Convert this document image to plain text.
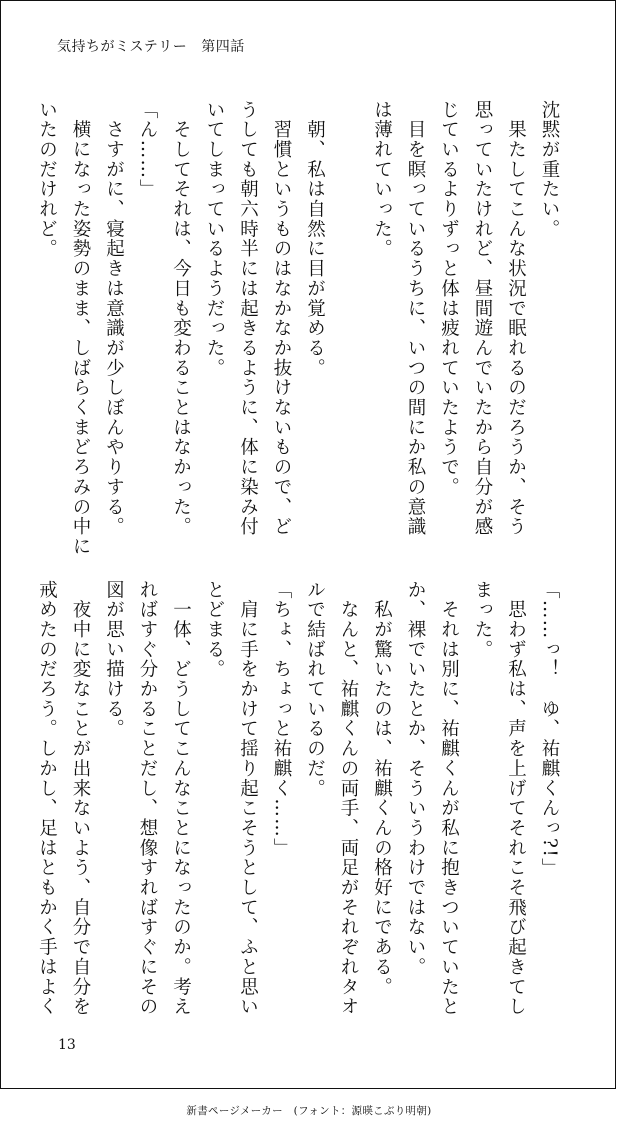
気持ちがミステリー 第四話
沈黙が重たい。
　果たしてこんな状況で眠れるのだろうか、そう
思っていたけれど、昼間遊んでいたから自分が感
じているよりずっと体は疲れていたようで。
　目を瞑っているうちに、いつの間にか私の意識
は薄れていった。
　朝、私は自然に目が覚める。
　習慣というものはなかなか抜けないもので、ど
うしても朝六時半には起きるように、体に染み付
いてしまっているようだった。
　そしてそれは、今日も変わることはなかった。
「ん……」
　さすがに、寝起きは意識が少しぼんやりする。
　横になった姿勢のまま、しばらくまどろみの中に
いたのだけれど。
「……っ！　ゆ、祐麒くんっ?!」
　思わず私は、声を上げてそれこそ飛び起きてし
まった。
　それは別に、祐麒くんが私に抱きついていたと
か、裸でいたとか、そういうわけではない。
　私が驚いたのは、祐麒くんの格好にである。
　なんと、祐麒くんの両手、両足がそれぞれタオ
ルで結ばれているのだ。
「ちょ、ちょっと祐麒く……」
　肩に手をかけて揺り起こそうとして、ふと思い
とどまる。
　一体、どうしてこんなことになったのか。考え
ればすぐ分かることだし、想像すればすぐにその
図が思い描ける。
　夜中に変なことが出来ないよう、自分で自分を
戒めたのだろう。しかし、足はともかく手はよく
13
新書ページメーカー　(フォント：源暎こぶり明朝)
